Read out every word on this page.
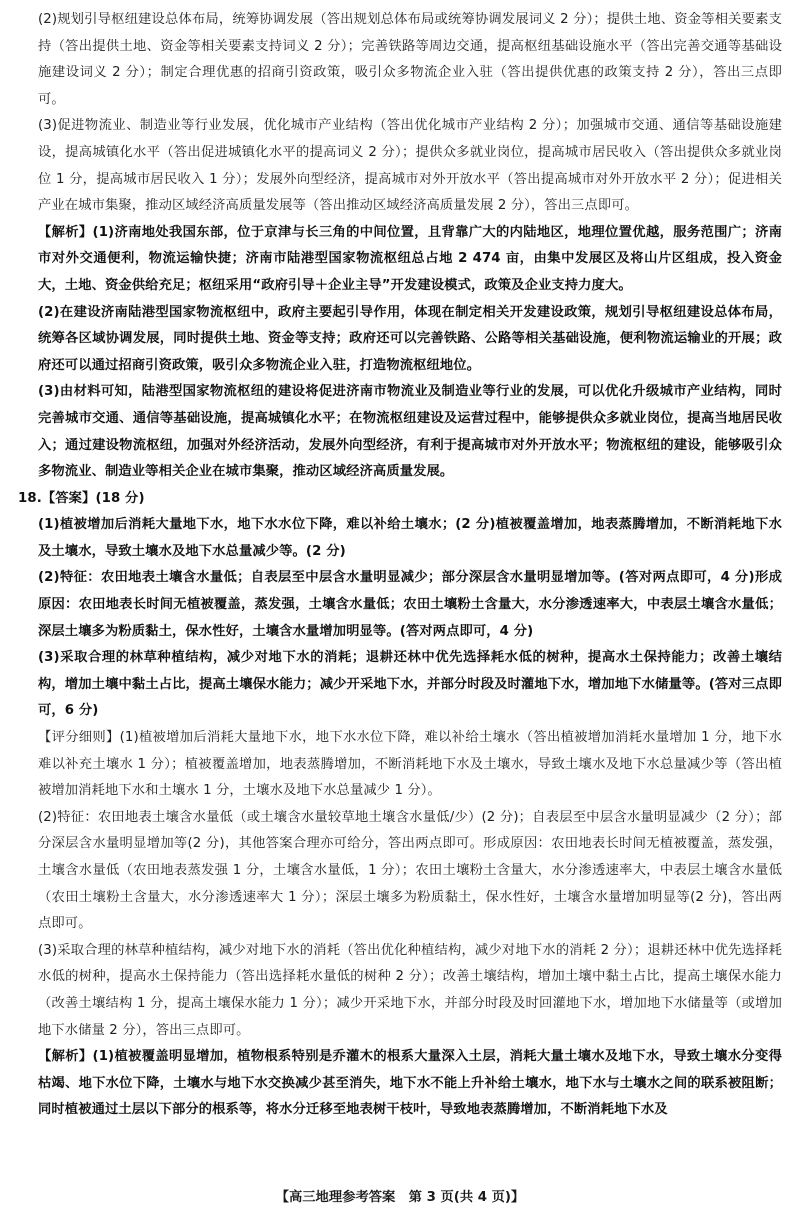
(2)规划引导枢纽建设总体布局，统筹协调发展（答出规划总体布局或统筹协调发展词义 2 分）；提供土地、资金等相关要素支持（答出提供土地、资金等相关要素支持词义 2 分）；完善铁路等周边交通，提高枢纽基础设施水平（答出完善交通等基础设施建设词义 2 分）；制定合理优惠的招商引资政策，吸引众多物流企业入驻（答出提供优惠的政策支持 2 分），答出三点即可。

(3)促进物流业、制造业等行业发展，优化城市产业结构（答出优化城市产业结构 2 分）；加强城市交通、通信等基础设施建设，提高城镇化水平（答出促进城镇化水平的提高词义 2 分）；提供众多就业岗位，提高城市居民收入（答出提供众多就业岗位 1 分，提高城市居民收入 1 分）；发展外向型经济，提高城市对外开放水平（答出提高城市对外开放水平 2 分）；促进相关产业在城市集聚，推动区域经济高质量发展等（答出推动区域经济高质量发展 2 分），答出三点即可。

【解析】(1)济南地处我国东部，位于京津与长三角的中间位置，且背靠广大的内陆地区，地理位置优越，服务范围广；济南市对外交通便利，物流运输快捷；济南市陆港型国家物流枢纽总占地 2 474 亩，由集中发展区及将山片区组成，投入资金大，土地、资金供给充足；枢纽采用“政府引导＋企业主导”开发建设模式，政策及企业支持力度大。

(2)在建设济南陆港型国家物流枢纽中，政府主要起引导作用，体现在制定相关开发建设政策，规划引导枢纽建设总体布局，统筹各区域协调发展，同时提供土地、资金等支持；政府还可以完善铁路、公路等相关基础设施，便利物流运输业的开展；政府还可以通过招商引资政策，吸引众多物流企业入驻，打造物流枢纽地位。

(3)由材料可知，陆港型国家物流枢纽的建设将促进济南市物流业及制造业等行业的发展，可以优化升级城市产业结构，同时完善城市交通、通信等基础设施，提高城镇化水平；在物流枢纽建设及运营过程中，能够提供众多就业岗位，提高当地居民收入；通过建设物流枢纽，加强对外经济活动，发展外向型经济，有利于提高城市对外开放水平；物流枢纽的建设，能够吸引众多物流业、制造业等相关企业在城市集聚，推动区域经济高质量发展。

18.【答案】(18 分)

(1)植被增加后消耗大量地下水，地下水水位下降，难以补给土壤水；(2 分)植被覆盖增加，地表蒸腾增加，不断消耗地下水及土壤水，导致土壤水及地下水总量减少等。(2 分)

(2)特征：农田地表土壤含水量低；自表层至中层含水量明显减少；部分深层含水量明显增加等。(答对两点即可，4 分)形成原因：农田地表长时间无植被覆盖，蒸发强，土壤含水量低；农田土壤粉土含量大，水分渗透速率大，中表层土壤含水量低；深层土壤多为粉质黏土，保水性好，土壤含水量增加明显等。(答对两点即可，4 分)

(3)采取合理的林草种植结构，减少对地下水的消耗；退耕还林中优先选择耗水低的树种，提高水土保持能力；改善土壤结构，增加土壤中黏土占比，提高土壤保水能力；减少开采地下水，并部分时段及时灌地下水，增加地下水储量等。(答对三点即可，6 分)

【评分细则】(1)植被增加后消耗大量地下水，地下水水位下降，难以补给土壤水（答出植被增加消耗水量增加 1 分，地下水难以补充土壤水 1 分）；植被覆盖增加，地表蒸腾增加，不断消耗地下水及土壤水，导致土壤水及地下水总量减少等（答出植被增加消耗地下水和土壤水 1 分，土壤水及地下水总量减少 1 分）。

(2)特征：农田地表土壤含水量低（或土壤含水量较草地土壤含水量低/少）(2 分)；自表层至中层含水量明显减少（2 分）；部分深层含水量明显增加等(2 分)，其他答案合理亦可给分，答出两点即可。形成原因：农田地表长时间无植被覆盖，蒸发强，土壤含水量低（农田地表蒸发强 1 分，土壤含水量低，1 分）；农田土壤粉土含量大，水分渗透速率大，中表层土壤含水量低（农田土壤粉土含量大，水分渗透速率大 1 分）；深层土壤多为粉质黏土，保水性好，土壤含水量增加明显等(2 分)，答出两点即可。

(3)采取合理的林草种植结构，减少对地下水的消耗（答出优化种植结构，减少对地下水的消耗 2 分）；退耕还林中优先选择耗水低的树种，提高水土保持能力（答出选择耗水量低的树种 2 分）；改善土壤结构，增加土壤中黏土占比，提高土壤保水能力（改善土壤结构 1 分，提高土壤保水能力 1 分）；减少开采地下水，并部分时段及时回灌地下水，增加地下水储量等（或增加地下水储量 2 分），答出三点即可。

【解析】(1)植被覆盖明显增加，植物根系特别是乔灌木的根系大量深入土层，消耗大量土壤水及地下水，导致土壤水分变得枯竭、地下水位下降，土壤水与地下水交换减少甚至消失，地下水不能上升补给土壤水，地下水与土壤水之间的联系被阻断；同时植被通过土层以下部分的根系等，将水分迁移至地表树干枝叶，导致地表蒸腾增加，不断消耗地下水及

【高三地理参考答案　第 3 页(共 4 页)】
